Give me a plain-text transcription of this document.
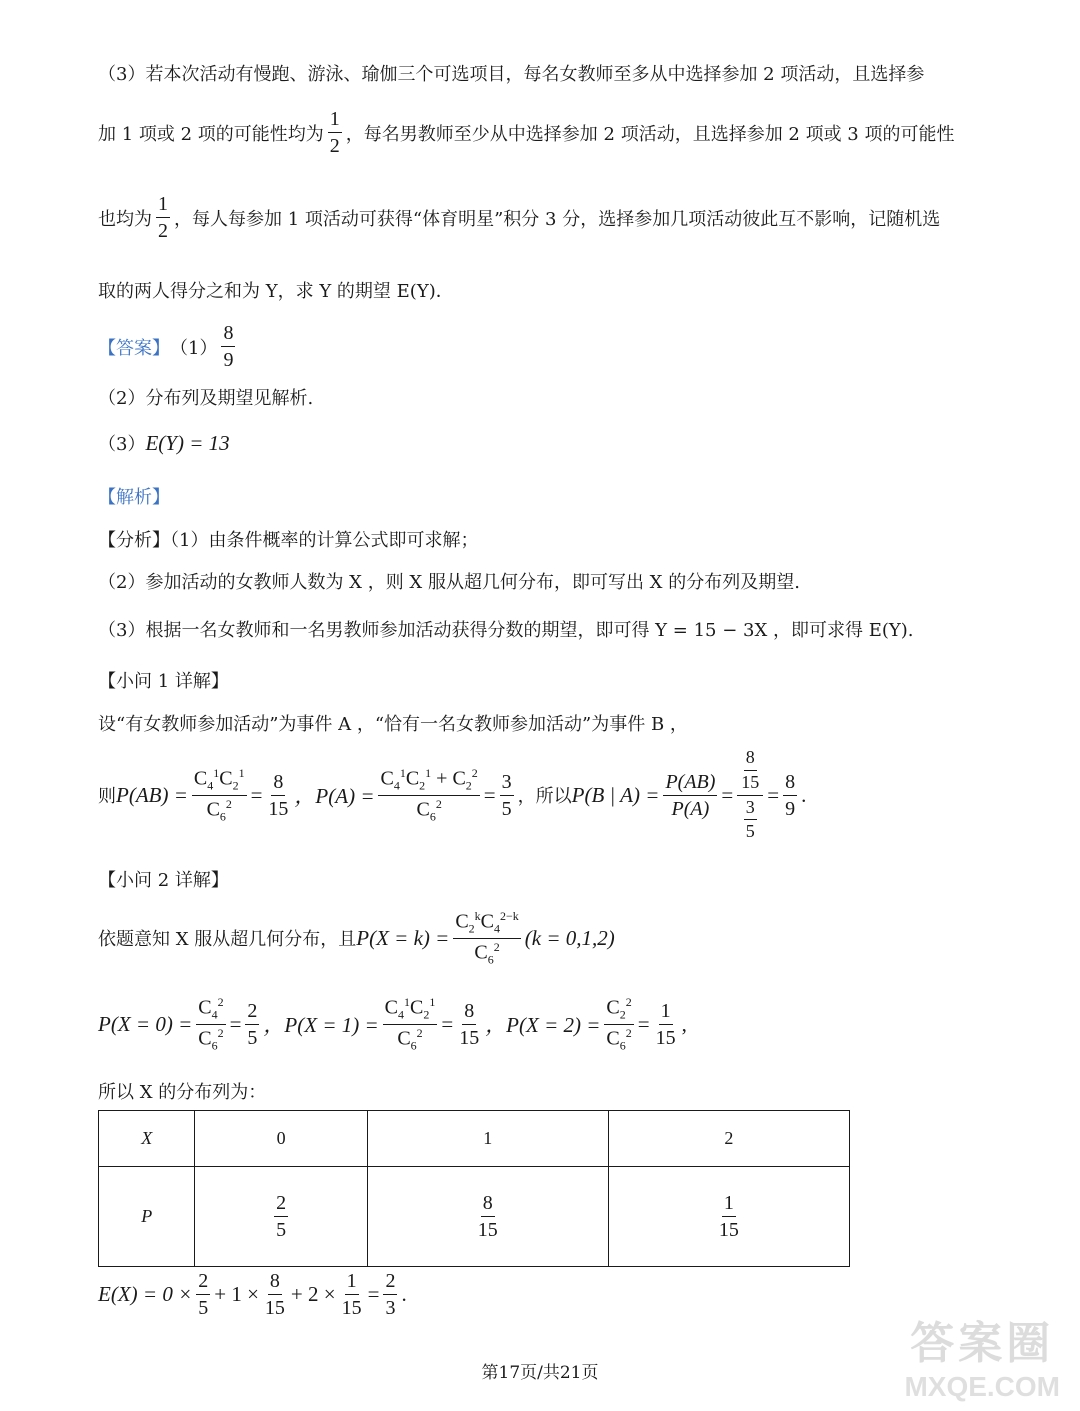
（3）若本次活动有慢跑、游泳、瑜伽三个可选项目，每名女教师至多从中选择参加 2 项活动，且选择参
加 1 项或 2 项的可能性均为 $\frac{1}{2}$ ，每名男教师至少从中选择参加 2 项活动，且选择参加 2 项或 3 项的可能性
也均为 $\frac{1}{2}$ ，每人每参加 1 项活动可获得“体育明星”积分 3 分，选择参加几项活动彼此互不影响，记随机选
取的两人得分之和为 Y，求 Y 的期望 E(Y)．
【答案】 $(1) \frac{8}{9}$
（2）分布列及期望见解析.
（3） E(Y) = 13
【解析】
【分析】（1）由条件概率的计算公式即可求解；
（2）参加活动的女教师人数为 X ，则 X 服从超几何分布，即可写出 X 的分布列及期望.
（3）根据一名女教师和一名男教师参加活动获得分数的期望，即可得 Y = 15 − 3X ，即可求得 E(Y).
【小问 1 详解】
设“有女教师参加活动”为事件 A ，“恰有一名女教师参加活动”为事件 B ，
则 $P(AB) = \frac{C_4^1C_2^1}{C_6^2} = \frac{8}{15}$ ，$P(A) = \frac{C_4^1C_2^1 + C_2^2}{C_6^2} = \frac{3}{5}$ ，所以 P(B | $A) = \frac{P(AB)}{P(A)} = \frac{\frac{8}{15}}{\frac{3}{5}} = \frac{8}{9}$ .
【小问 2 详解】
依题意知 X 服从超几何分布，且 $P(X = k) = \frac{C_2^kC_4^{2-k}}{C_6^2} (k = 0,1,2)$
$P(X = 0) = \frac{C_4^2}{C_6^2} = \frac{2}{5}$ ，$P(X = 1) = \frac{C_4^1C_2^1}{C_6^2} = \frac{8}{15}$ ，$P(X = 2) = \frac{C_2^2}{C_6^2} = \frac{1}{15}$ ,
所以 X 的分布列为：
X	0	1	2
P	$\frac{2}{5}$	$\frac{8}{15}$	$\frac{1}{15}$
$E(X) = 0 \times \frac{2}{5} + 1 \times \frac{8}{15} + 2 \times \frac{1}{15} = \frac{2}{3}$ .
第17页/共21页
答案圈
MXQE.COM
